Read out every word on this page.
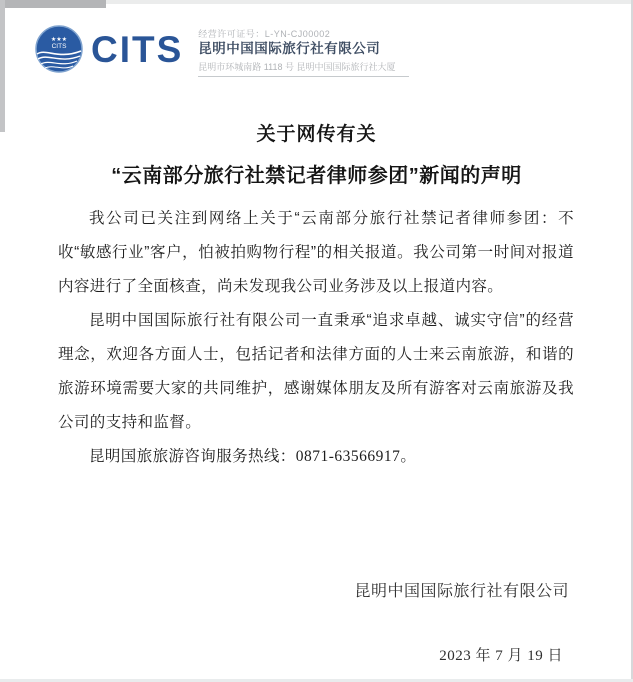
★★★
CITS CITS 经营许可证号：L-YN-CJ00002
昆明中国国际旅行社有限公司
昆明市环城南路 1118 号 昆明中国国际旅行社大厦
关于网传有关
“云南部分旅行社禁记者律师参团”新闻的声明

我公司已关注到网络上关于“云南部分旅行社禁记者律师参团：不收“敏感行业”客户，怕被拍购物行程”的相关报道。我公司第一时间对报道内容进行了全面核查，尚未发现我公司业务涉及以上报道内容。

昆明中国国际旅行社有限公司一直秉承“追求卓越、诚实守信”的经营理念，欢迎各方面人士，包括记者和法律方面的人士来云南旅游，和谐的旅游环境需要大家的共同维护，感谢媒体朋友及所有游客对云南旅游及我公司的支持和监督。

昆明国旅旅游咨询服务热线：0871-63566917。

昆明中国国际旅行社有限公司
2023 年 7 月 19 日
